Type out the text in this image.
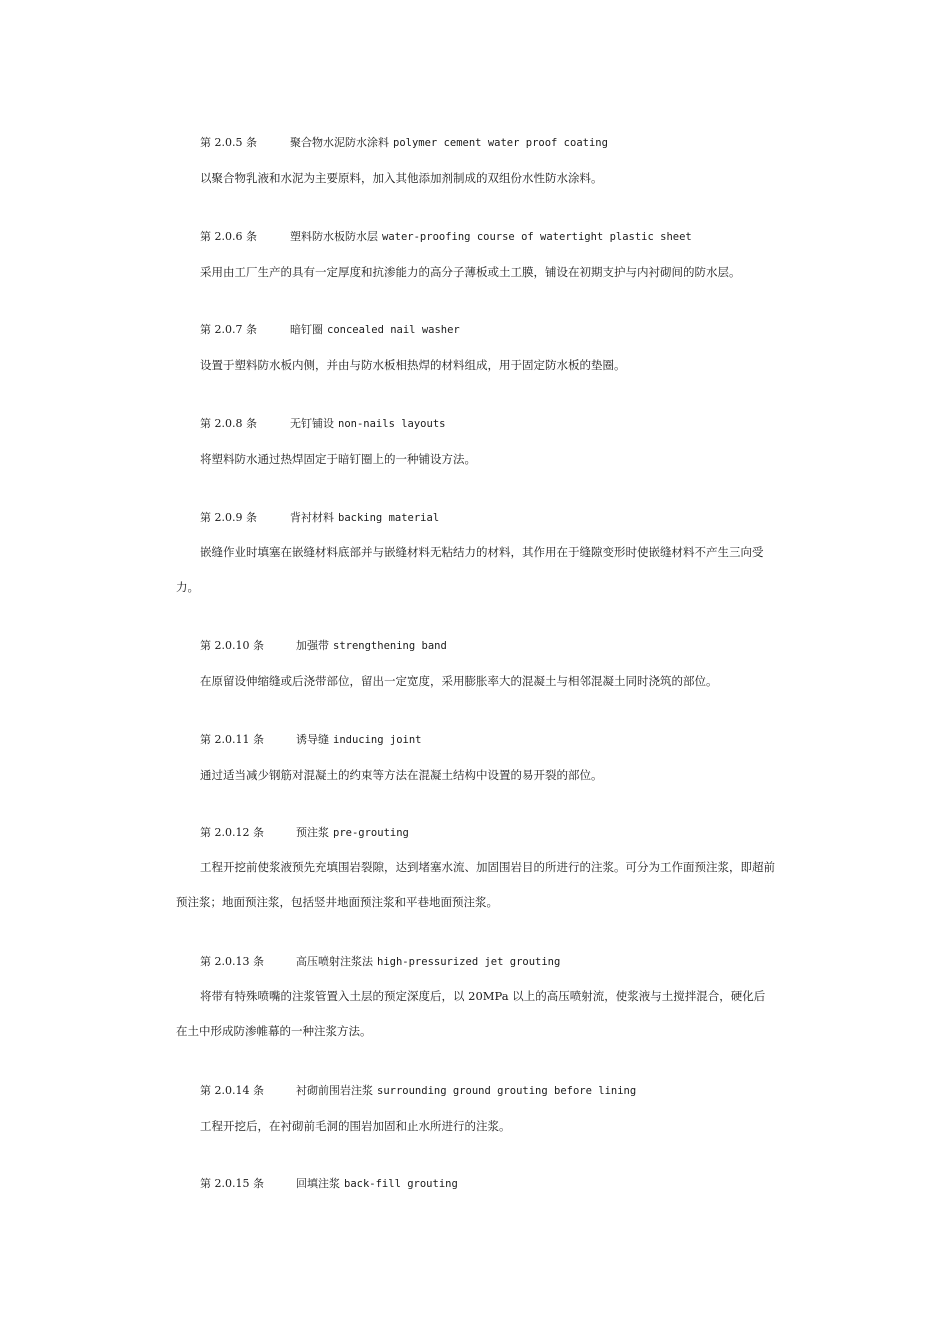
第 2.0.5 条	聚合物水泥防水涂料 polymer cement water proof coating
以聚合物乳液和水泥为主要原料，加入其他添加剂制成的双组份水性防水涂料。
第 2.0.6 条	塑料防水板防水层 water-proofing course of watertight plastic sheet
采用由工厂生产的具有一定厚度和抗渗能力的高分子薄板或土工膜，铺设在初期支护与内衬砌间的防水层。
第 2.0.7 条	暗钉圈 concealed nail washer
设置于塑料防水板内侧，并由与防水板相热焊的材料组成，用于固定防水板的垫圈。
第 2.0.8 条	无钉铺设 non-nails layouts
将塑料防水通过热焊固定于暗钉圈上的一种铺设方法。
第 2.0.9 条	背衬材料 backing material
嵌缝作业时填塞在嵌缝材料底部并与嵌缝材料无粘结力的材料，其作用在于缝隙变形时使嵌缝材料不产生三向受力。
第 2.0.10 条	加强带 strengthening band
在原留设伸缩缝或后浇带部位，留出一定宽度，采用膨胀率大的混凝土与相邻混凝土同时浇筑的部位。
第 2.0.11 条	诱导缝 inducing joint
通过适当减少钢筋对混凝土的约束等方法在混凝土结构中设置的易开裂的部位。
第 2.0.12 条	预注浆 pre-grouting
工程开挖前使浆液预先充填围岩裂隙，达到堵塞水流、加固围岩目的所进行的注浆。可分为工作面预注浆，即超前预注浆；地面预注浆，包括竖井地面预注浆和平巷地面预注浆。
第 2.0.13 条	高压喷射注浆法 high-pressurized jet grouting
将带有特殊喷嘴的注浆管置入土层的预定深度后，以 20MPa 以上的高压喷射流，使浆液与土搅拌混合，硬化后在土中形成防渗帷幕的一种注浆方法。
第 2.0.14 条	衬砌前围岩注浆 surrounding ground grouting before lining
工程开挖后，在衬砌前毛洞的围岩加固和止水所进行的注浆。
第 2.0.15 条	回填注浆 back-fill grouting
